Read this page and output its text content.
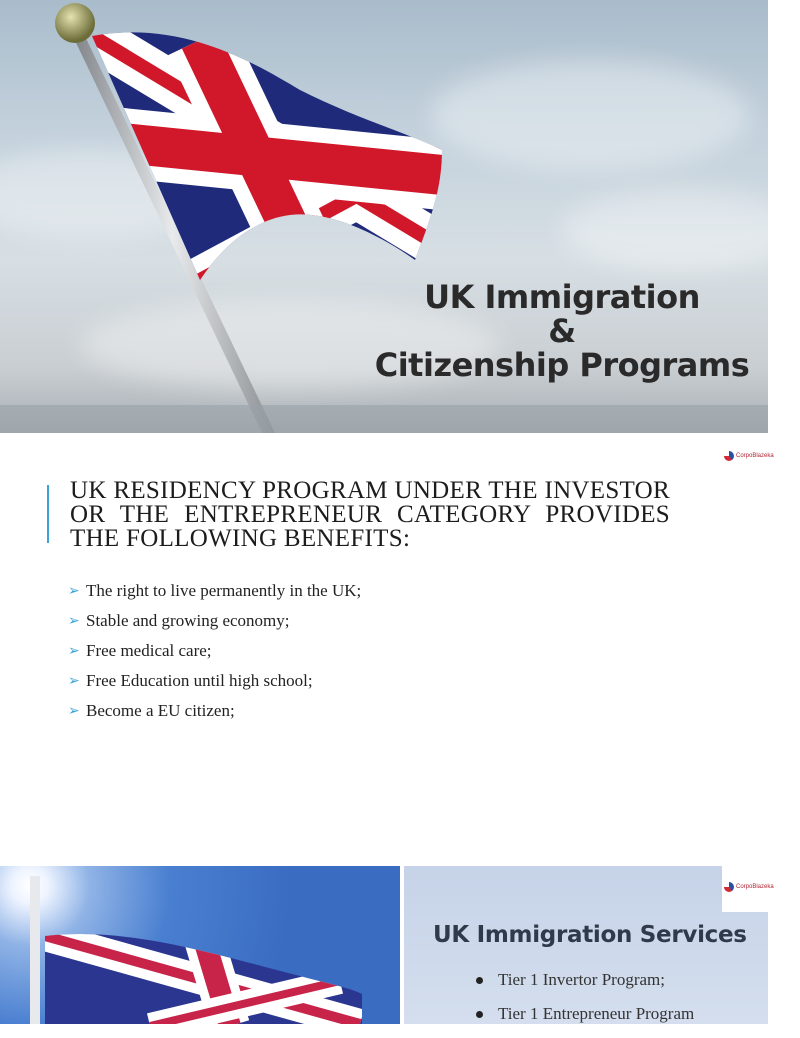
UK Immigration
&
Citizenship Programs
CorpoBlazeka
UK RESIDENCY PROGRAM UNDER THE INVESTOR OR THE ENTREPRENEUR CATEGORY PROVIDES THE FOLLOWING BENEFITS:
➢ The right to live permanently in the UK;
➢ Stable and growing economy;
➢ Free medical care;
➢ Free Education until high school;
➢ Become a EU citizen;
CorpoBlazeka
UK Immigration Services
Tier 1 Invertor Program;
Tier 1 Entrepreneur Program
